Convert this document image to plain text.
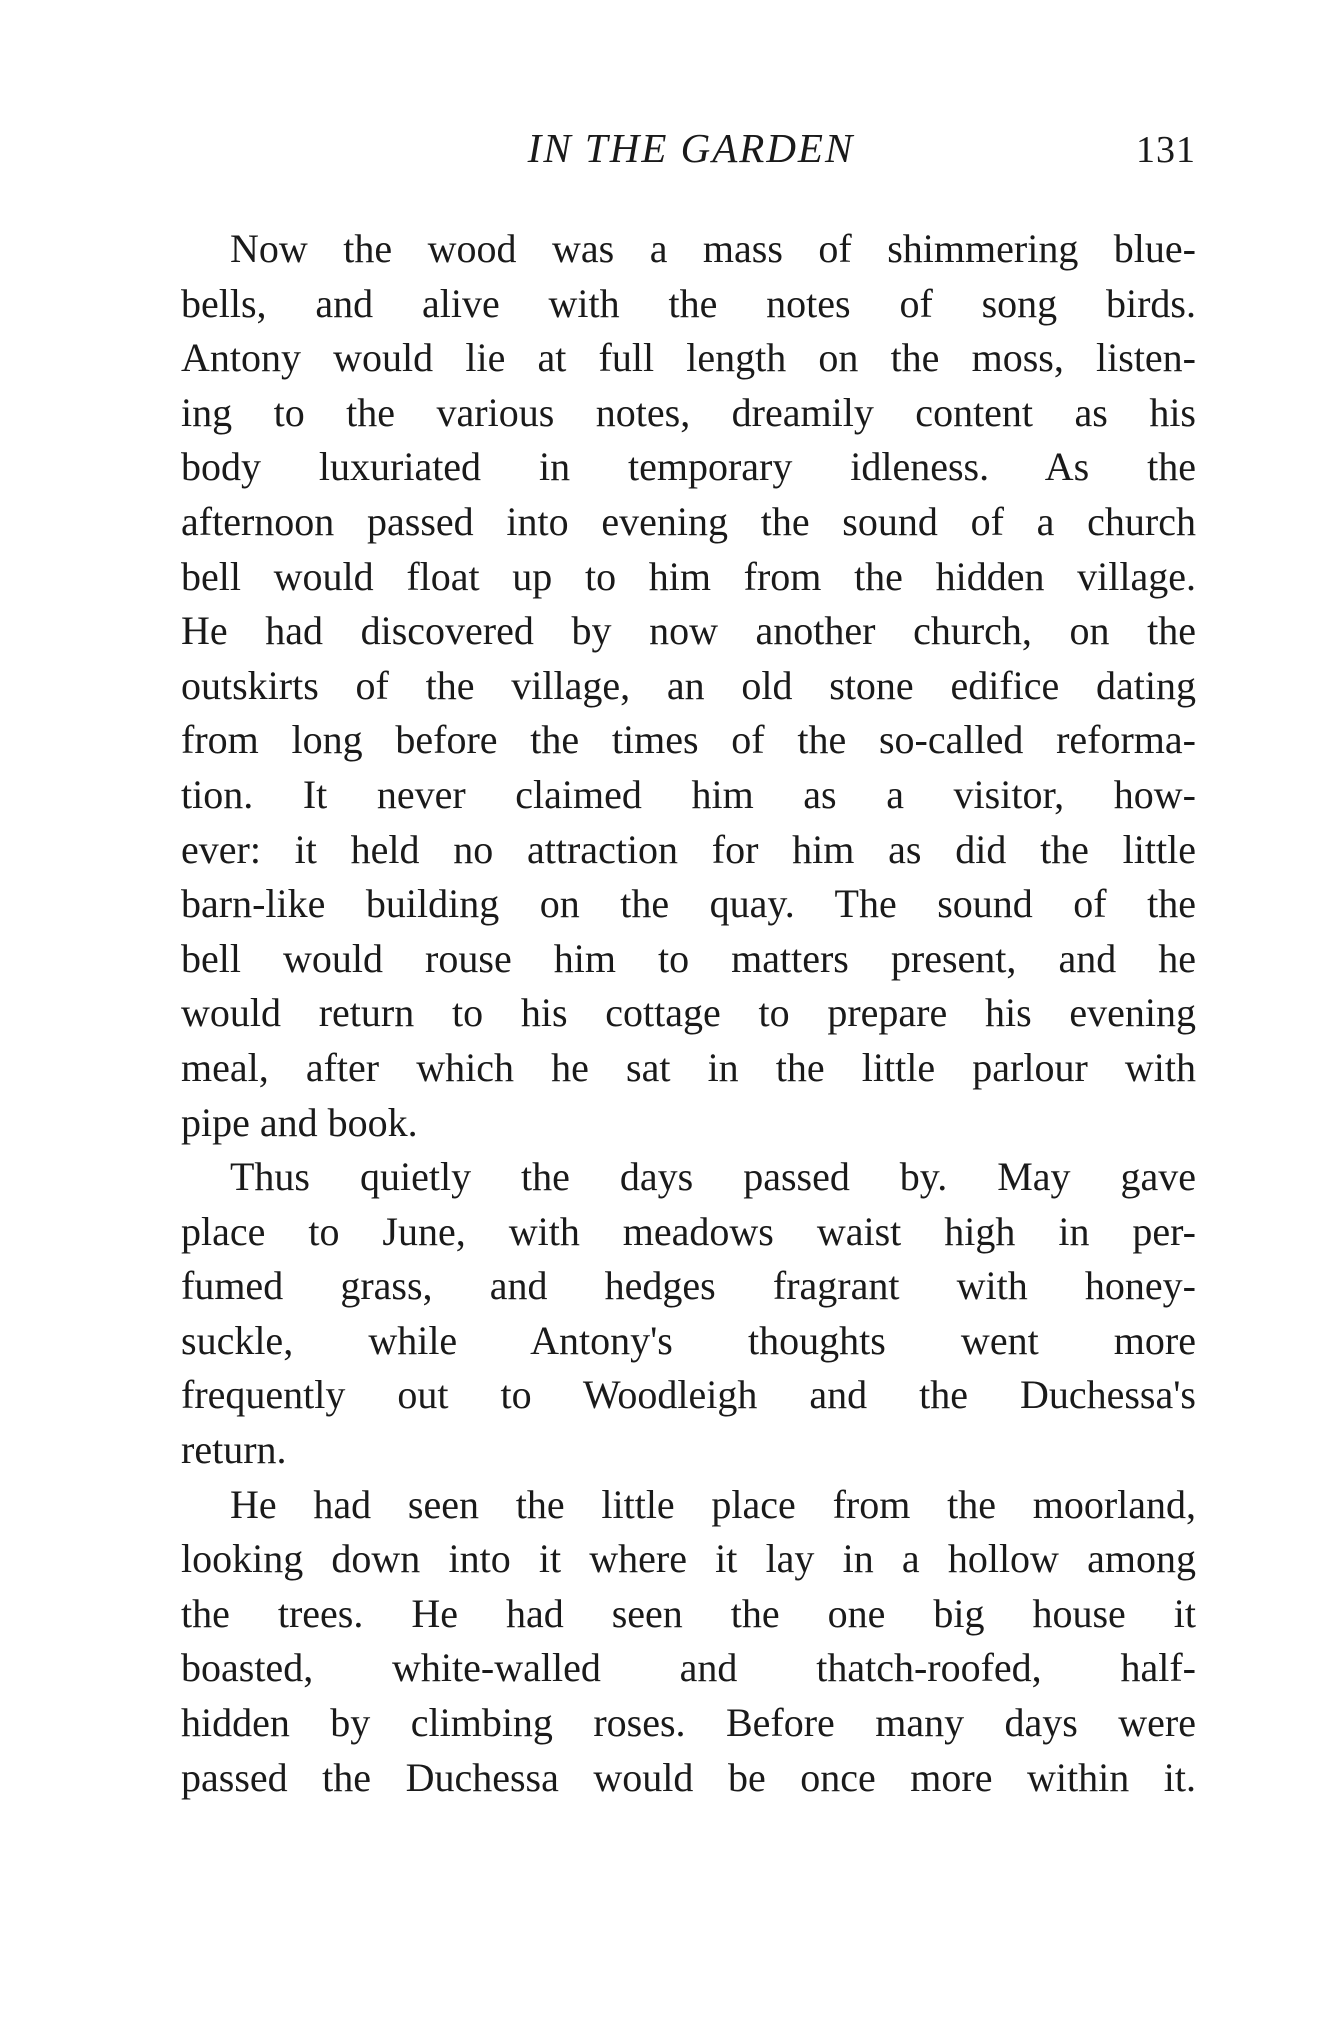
IN THE GARDEN	131
Now the wood was a mass of shimmering blue-
bells, and alive with the notes of song birds.
Antony would lie at full length on the moss, listen-
ing to the various notes, dreamily content as his
body luxuriated in temporary idleness. As the
afternoon passed into evening the sound of a church
bell would float up to him from the hidden village.
He had discovered by now another church, on the
outskirts of the village, an old stone edifice dating
from long before the times of the so-called reforma-
tion. It never claimed him as a visitor, how-
ever: it held no attraction for him as did the little
barn-like building on the quay. The sound of the
bell would rouse him to matters present, and he
would return to his cottage to prepare his evening
meal, after which he sat in the little parlour with
pipe and book.
Thus quietly the days passed by. May gave
place to June, with meadows waist high in per-
fumed grass, and hedges fragrant with honey-
suckle, while Antony's thoughts went more
frequently out to Woodleigh and the Duchessa's
return.
He had seen the little place from the moorland,
looking down into it where it lay in a hollow among
the trees. He had seen the one big house it
boasted, white-walled and thatch-roofed, half-
hidden by climbing roses. Before many days were
passed the Duchessa would be once more within it.
